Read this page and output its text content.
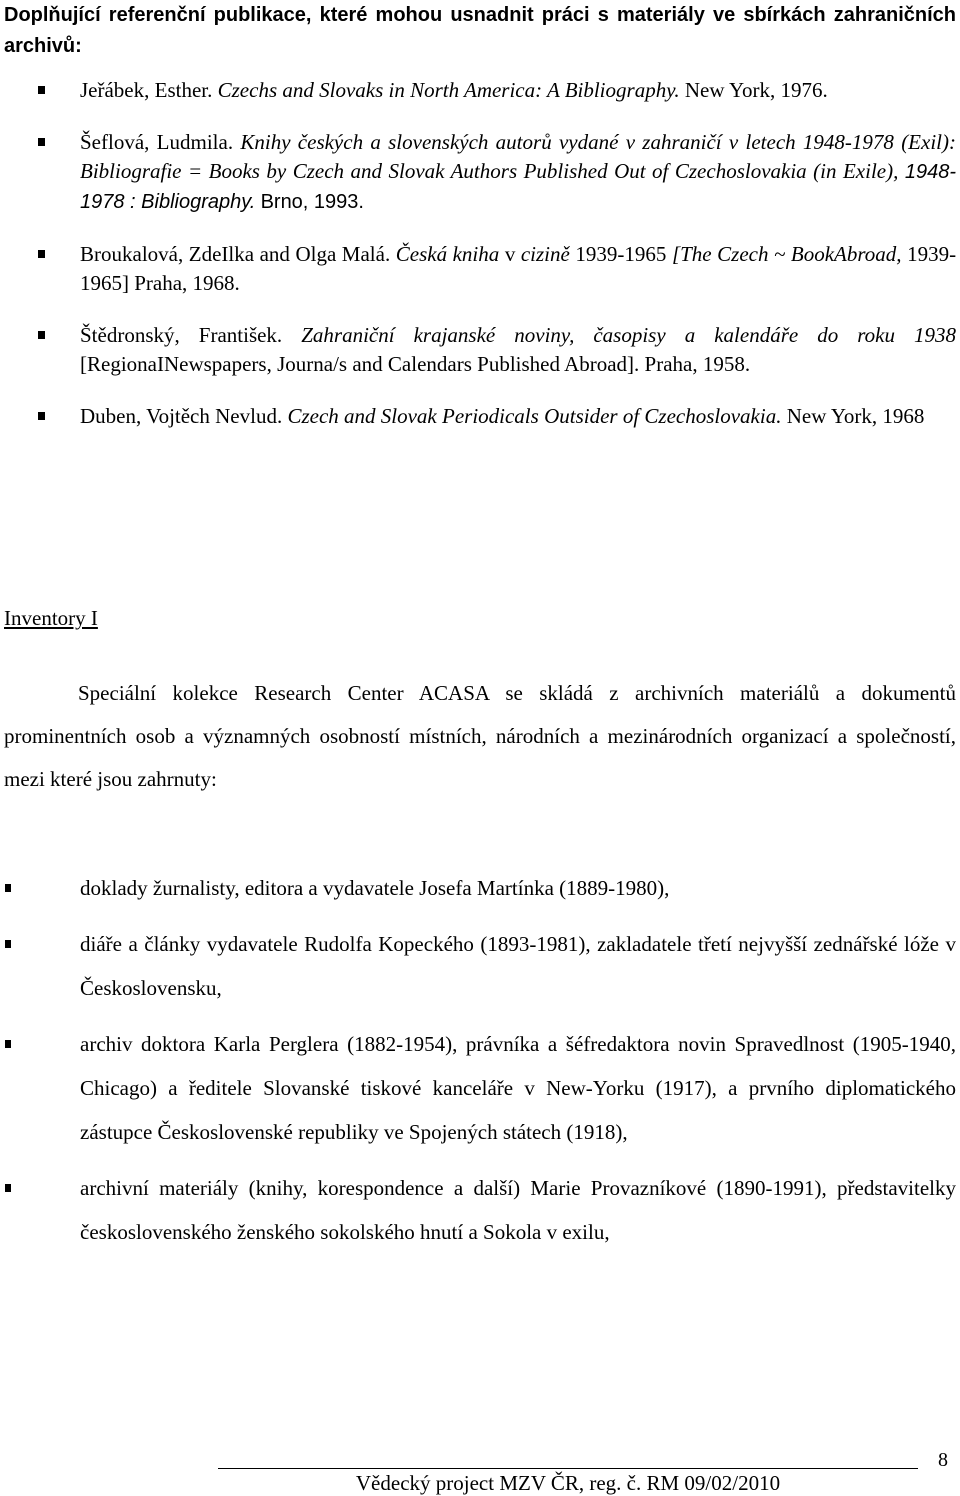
Doplňující referenční publikace, které mohou usnadnit práci s materiály ve sbírkách zahraničních archivů:
Jeřábek, Esther. Czechs and Slovaks in North America: A Bibliography. New York, 1976.
Šeflová, Ludmila. Knihy českých a slovenských autorů vydané v zahraničí v letech 1948-1978 (Exil): Bibliografie = Books by Czech and Slovak Authors Published Out of Czechoslovakia (in Exile), 1948-1978 : Bibliography. Brno, 1993.
Broukalová, ZdeIlka and Olga Malá. Česká kniha v cizině 1939-1965 [The Czech ~ BookAbroad, 1939-1965] Praha, 1968.
Štědronský, František. Zahraniční krajanské noviny, časopisy a kalendáře do roku 1938 [RegionaINewspapers, Journa/s and Calendars Published Abroad]. Praha, 1958.
Duben, Vojtěch Nevlud. Czech and Slovak Periodicals Outsider of Czechoslovakia. New York, 1968
Inventory I

Speciální kolekce Research Center ACASA se skládá z archivních materiálů a dokumentů prominentních osob a významných osobností místních, národních a mezinárodních organizací a společností, mezi které jsou zahrnuty:

doklady žurnalisty, editora a vydavatele Josefa Martínka (1889-1980),
diáře a články vydavatele Rudolfa Kopeckého (1893-1981), zakladatele třetí nejvyšší zednářské lóže v Československu,
archiv doktora Karla Perglera (1882-1954), právníka a šéfredaktora novin Spravedlnost (1905-1940, Chicago) a ředitele Slovanské tiskové kanceláře v New-Yorku (1917), a prvního diplomatického zástupce Československé republiky ve Spojených státech (1918),
archivní materiály (knihy, korespondence a další) Marie Provazníkové (1890-1991), představitelky československého ženského sokolského hnutí a Sokola v exilu,
8
Vědecký project MZV ČR, reg. č. RM 09/02/2010
